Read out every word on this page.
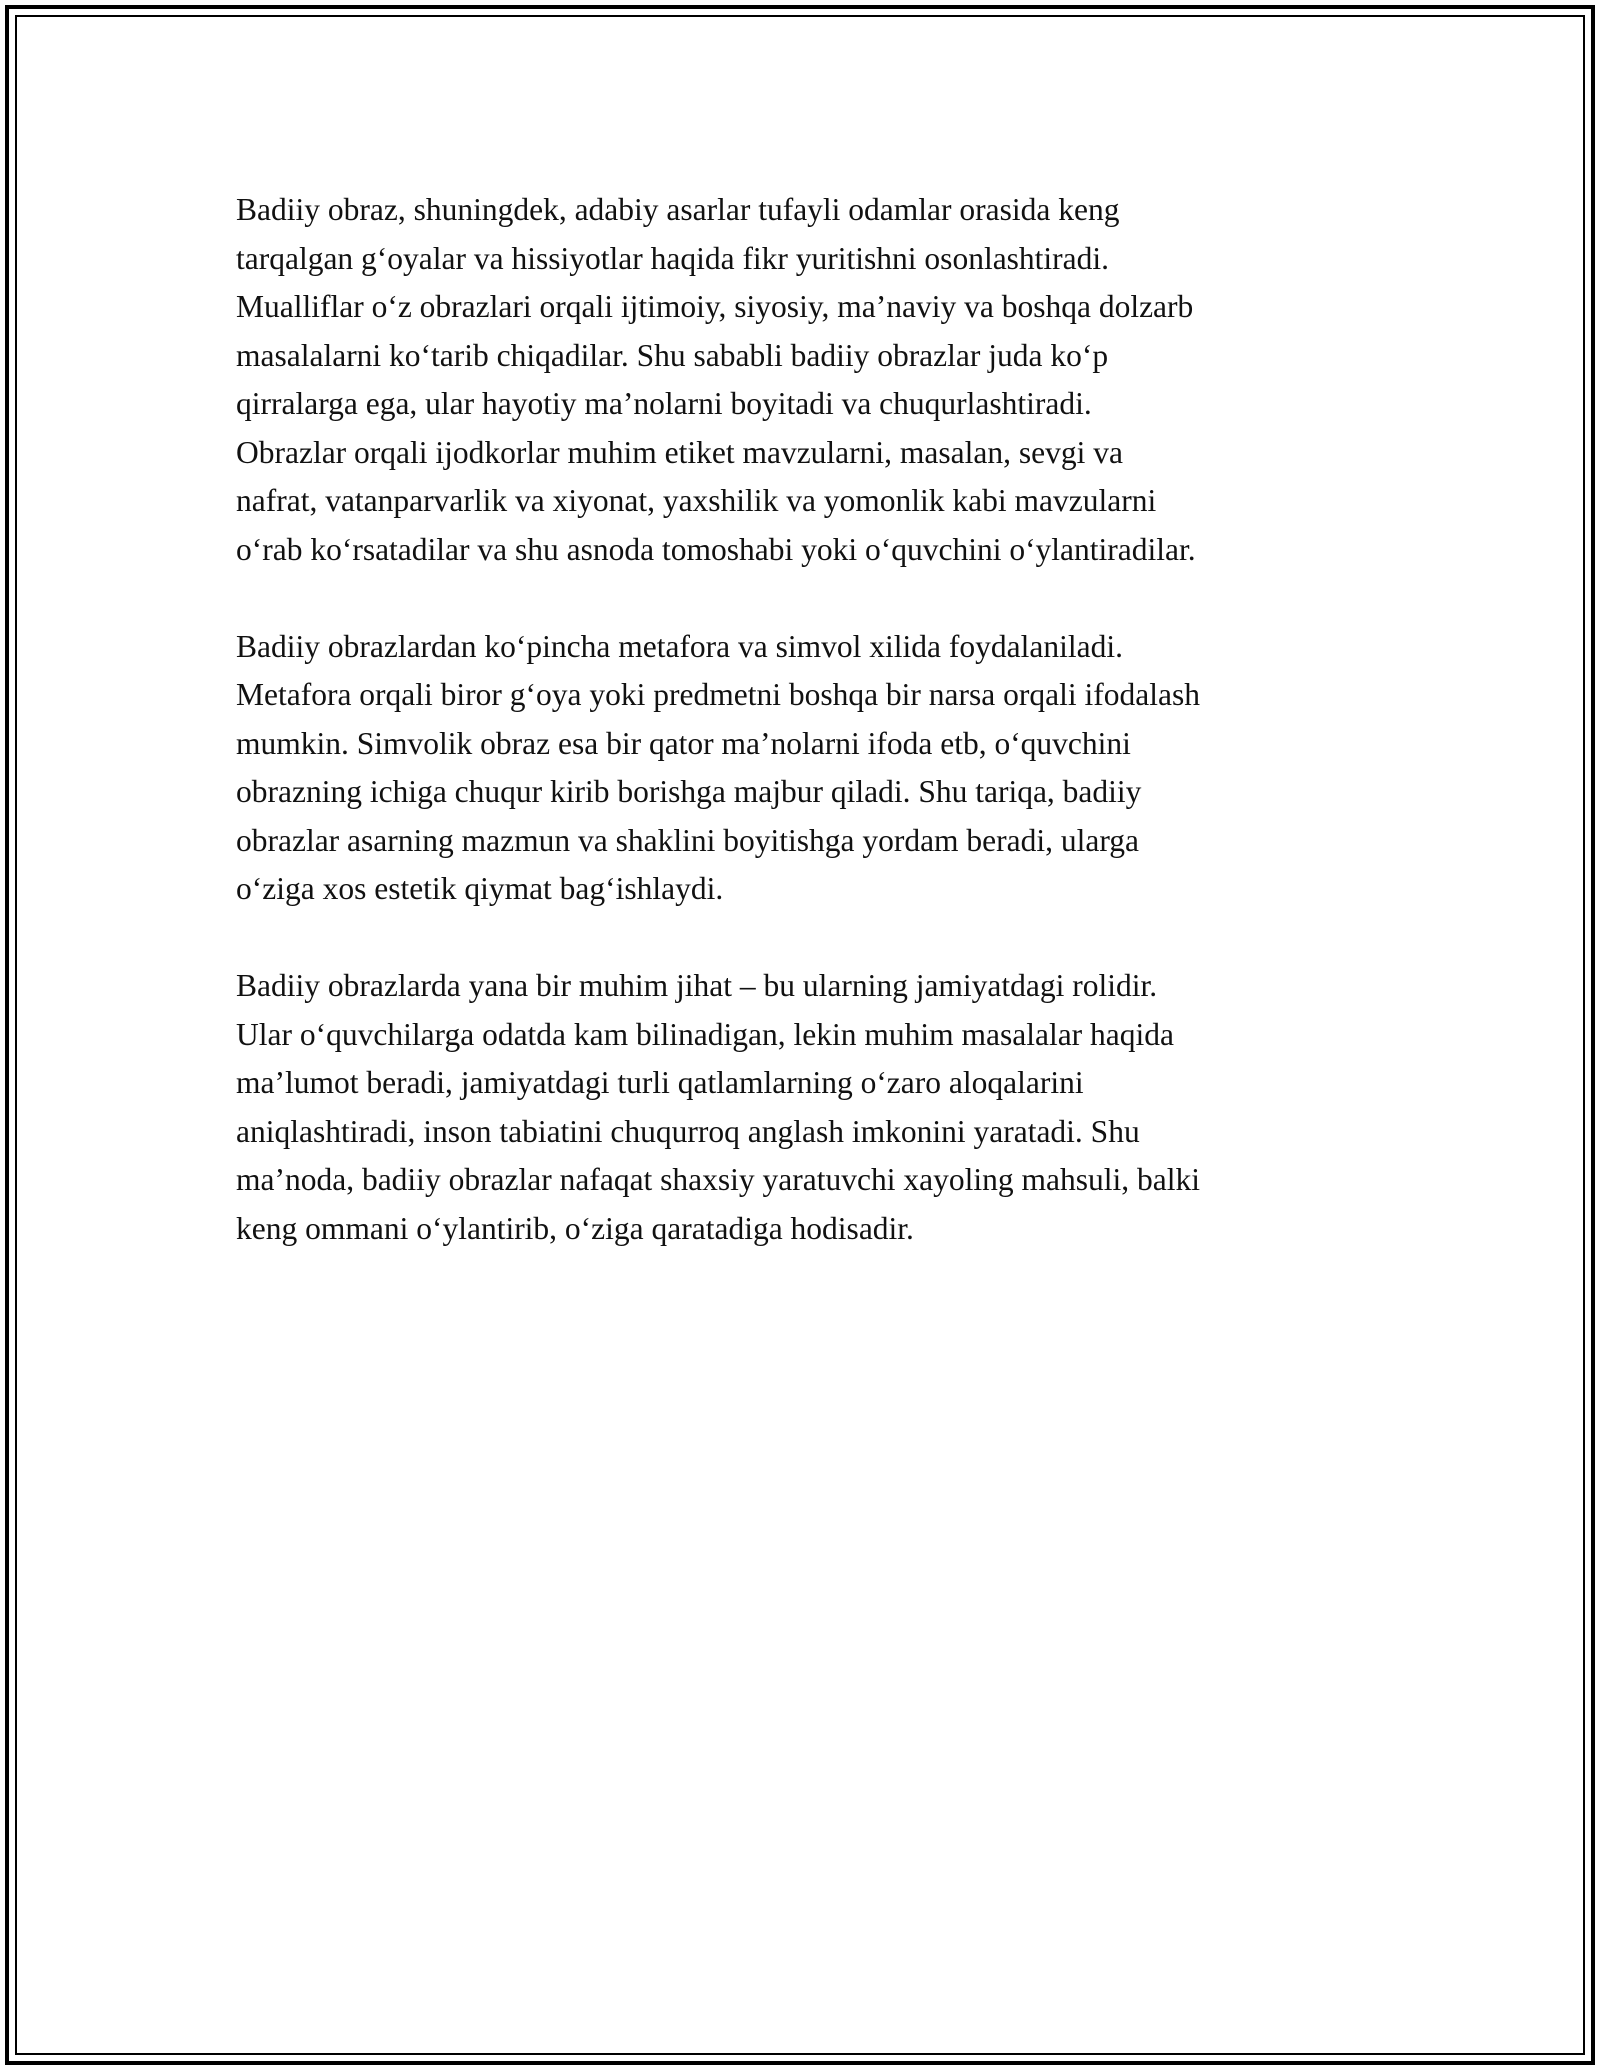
Badiiy obraz, shuningdek, adabiy asarlar tufayli odamlar orasida keng
tarqalgan g‘oyalar va hissiyotlar haqida fikr yuritishni osonlashtiradi.
Mualliflar o‘z obrazlari orqali ijtimoiy, siyosiy, ma’naviy va boshqa dolzarb
masalalarni ko‘tarib chiqadilar. Shu sababli badiiy obrazlar juda ko‘p
qirralarga ega, ular hayotiy ma’nolarni boyitadi va chuqurlashtiradi.
Obrazlar orqali ijodkorlar muhim etiket mavzularni, masalan, sevgi va
nafrat, vatanparvarlik va xiyonat, yaxshilik va yomonlik kabi mavzularni
o‘rab ko‘rsatadilar va shu asnoda tomoshabi yoki o‘quvchini o‘ylantiradilar.

Badiiy obrazlardan ko‘pincha metafora va simvol xilida foydalaniladi.
Metafora orqali biror g‘oya yoki predmetni boshqa bir narsa orqali ifodalash
mumkin. Simvolik obraz esa bir qator ma’nolarni ifoda etb, o‘quvchini
obrazning ichiga chuqur kirib borishga majbur qiladi. Shu tariqa, badiiy
obrazlar asarning mazmun va shaklini boyitishga yordam beradi, ularga
o‘ziga xos estetik qiymat bag‘ishlaydi.

Badiiy obrazlarda yana bir muhim jihat – bu ularning jamiyatdagi rolidir.
Ular o‘quvchilarga odatda kam bilinadigan, lekin muhim masalalar haqida
ma’lumot beradi, jamiyatdagi turli qatlamlarning o‘zaro aloqalarini
aniqlashtiradi, inson tabiatini chuqurroq anglash imkonini yaratadi. Shu
ma’noda, badiiy obrazlar nafaqat shaxsiy yaratuvchi xayoling mahsuli, balki
keng ommani o‘ylantirib, o‘ziga qaratadiga hodisadir.
